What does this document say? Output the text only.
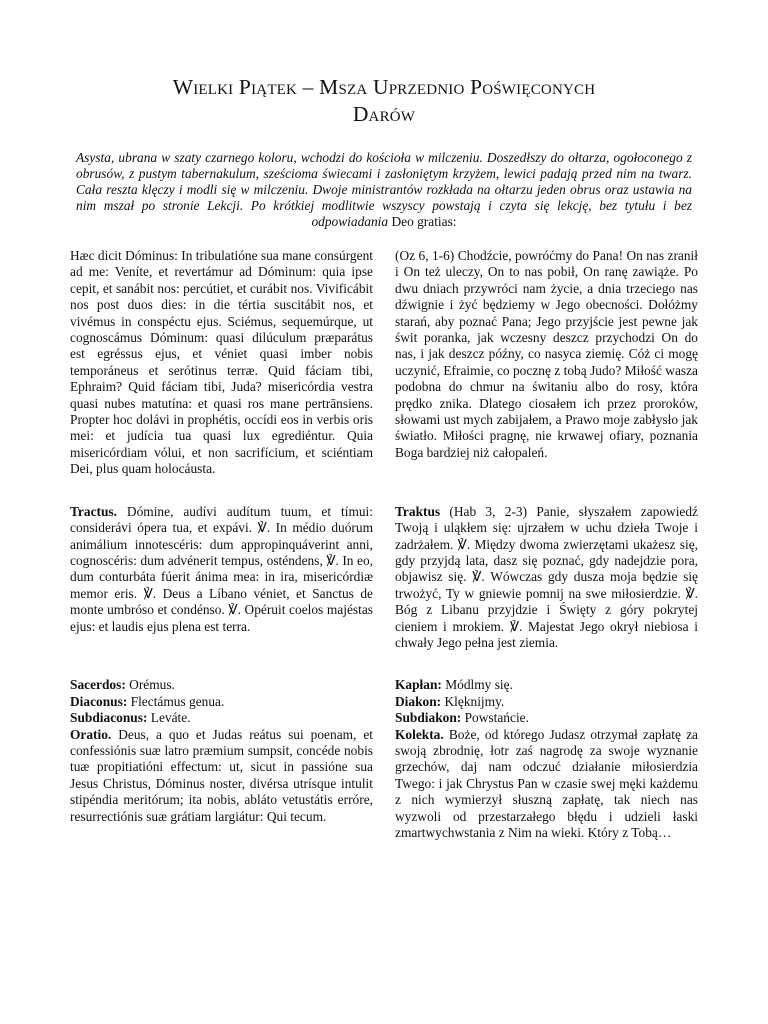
Wielki Piątek – Msza Uprzednio Poświęconych
Darów

Asysta, ubrana w szaty czarnego koloru, wchodzi do kościoła w milczeniu. Doszedłszy do ołtarza, ogołoconego z obrusów, z pustym tabernakulum, sześcioma świecami i zasłoniętym krzyżem, lewici padają przed nim na twarz. Cała reszta klęczy i modli się w milczeniu. Dwoje ministrantów rozkłada na ołtarzu jeden obrus oraz ustawia na nim mszał po stronie Lekcji. Po krótkiej modlitwie wszyscy powstają i czyta się lekcję, bez tytułu i bez odpowiadania Deo gratias:

Hæc dicit Dóminus: In tribulatióne sua mane consúrgent ad me: Veníte, et revertámur ad Dóminum: quia ipse cepit, et sanábit nos: percútiet, et curábit nos. Vivificábit nos post duos dies: in die tértia suscitábit nos, et vivémus in conspéctu ejus. Sciémus, sequemúrque, ut cognoscámus Dóminum: quasi dilúculum præparátus est egréssus ejus, et véniet quasi imber nobis temporáneus et serótinus terræ. Quid fáciam tibi, Ephraim? Quid fáciam tibi, Juda? misericórdia vestra quasi nubes matutína: et quasi ros mane pertrānsiens. Propter hoc dolávi in prophétis, occídi eos in verbis oris mei: et judícia tua quasi lux egrediéntur. Quia misericórdiam vólui, et non sacrifícium, et sciéntiam Dei, plus quam holocáusta.

(Oz 6, 1-6) Chodźcie, powróćmy do Pana! On nas zranił i On też uleczy, On to nas pobił, On ranę zawiąże. Po dwu dniach przywróci nam życie, a dnia trzeciego nas dźwignie i żyć będziemy w Jego obecności. Dołóżmy starań, aby poznać Pana; Jego przyjście jest pewne jak świt poranka, jak wczesny deszcz przychodzi On do nas, i jak deszcz późny, co nasyca ziemię. Cóż ci mogę uczynić, Efraimie, co pocznę z tobą Judo? Miłość wasza podobna do chmur na świtaniu albo do rosy, która prędko znika. Dlatego ciosałem ich przez proroków, słowami ust mych zabijałem, a Prawo moje zabłysło jak światło. Miłości pragnę, nie krwawej ofiary, poznania Boga bardziej niż całopaleń.

Tractus. Dómine, audívi audítum tuum, et tímui: considerávi ópera tua, et expávi. ℣. In médio duórum animálium innotescéris: dum appropinquáverint anni, cognoscéris: dum advénerit tempus, osténdens, ℣. In eo, dum conturbáta fúerit ánima mea: in ira, misericórdiæ memor eris. ℣. Deus a Líbano véniet, et Sanctus de monte umbróso et condénso. ℣. Opéruit coelos majéstas ejus: et laudis ejus plena est terra.

Traktus (Hab 3, 2-3) Panie, słyszałem zapowiedź Twoją i uląkłem się: ujrzałem w uchu dzieła Twoje i zadrżałem. ℣. Między dwoma zwierzętami ukażesz się, gdy przyjdą lata, dasz się poznać, gdy nadejdzie pora, objawisz się. ℣. Wówczas gdy dusza moja będzie się trwożyć, Ty w gniewie pomnij na swe miłosierdzie. ℣. Bóg z Libanu przyjdzie i Święty z góry pokrytej cieniem i mrokiem. ℣. Majestat Jego okrył niebiosa i chwały Jego pełna jest ziemia.

Sacerdos: Orémus.

Diaconus: Flectámus genua.

Subdiaconus: Leváte.

Oratio. Deus, a quo et Judas reátus sui poenam, et confessiónis suæ latro præmium sumpsit, concéde nobis tuæ propitiatióni effectum: ut, sicut in passióne sua Jesus Christus, Dóminus noster, divérsa utrísque intulit stipéndia meritórum; ita nobis, abláto vetustátis erróre, resurrectiónis suæ grátiam largiátur: Qui tecum.

Kapłan: Módlmy się.

Diakon: Klęknijmy.

Subdiakon: Powstańcie.

Kolekta. Boże, od którego Judasz otrzymał zapłatę za swoją zbrodnię, łotr zaś nagrodę za swoje wyznanie grzechów, daj nam odczuć działanie miłosierdzia Twego: i jak Chrystus Pan w czasie swej męki każdemu z nich wymierzył słuszną zapłatę, tak niech nas wyzwoli od przestarzałego błędu i udzieli łaski zmartwychwstania z Nim na wieki. Który z Tobą…
